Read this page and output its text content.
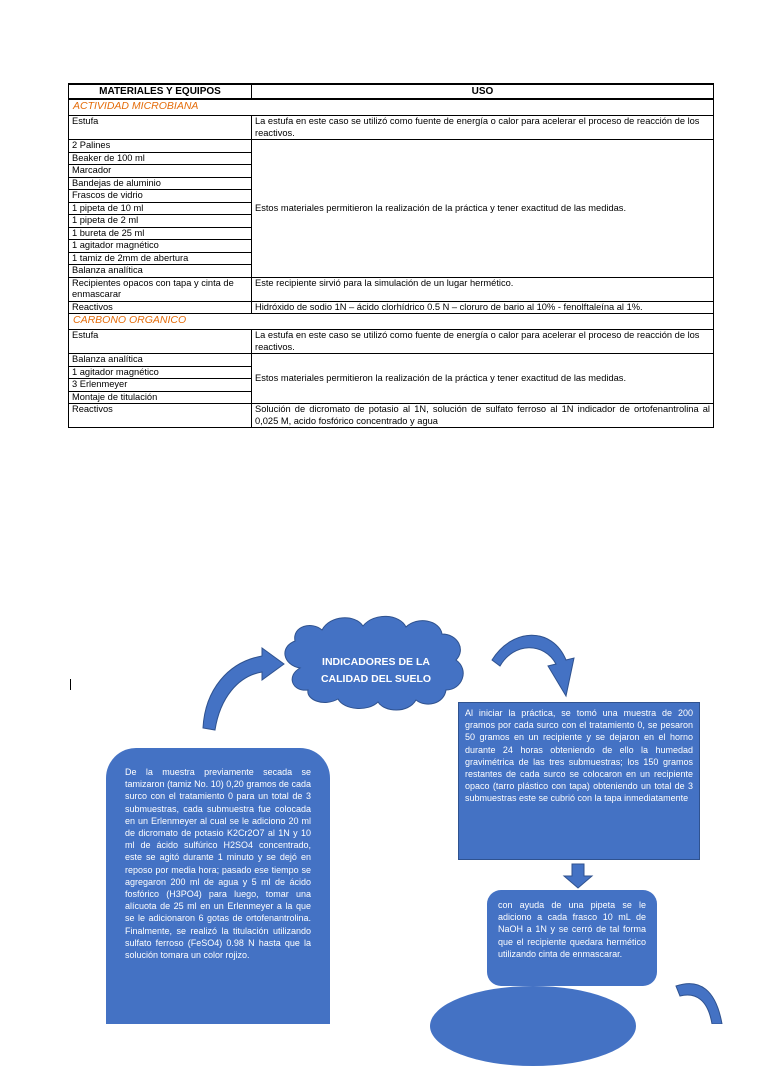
MATERIALES Y EQUIPOS	USO
ACTIVIDAD MICROBIANA	
Estufa	La estufa en este caso se utilizó como fuente de energía o calor para acelerar el proceso de reacción de los reactivos.
2 Palines	Estos materiales permitieron la realización de la práctica y tener exactitud de las medidas.
Beaker de 100 ml	
Marcador	
Bandejas de aluminio	
Frascos de vidrio	
1 pipeta de 10 ml	
1 pipeta de 2 ml	
1 bureta de 25 ml	
1 agitador magnético	
1 tamiz de 2mm de abertura	
Balanza analítica	
Recipientes opacos con tapa y cinta de enmascarar	Este recipiente sirvió para la simulación de un lugar hermético.
Reactivos	Hidróxido de sodio 1N – ácido clorhídrico 0.5 N – cloruro de bario al 10% - fenolftaleína al 1%.
CARBONO ORGANICO	
Estufa	La estufa en este caso se utilizó como fuente de energía o calor para acelerar el proceso de reacción de los reactivos.
Balanza analítica	Estos materiales permitieron la realización de la práctica y tener exactitud de las medidas.
1 agitador magnético	
3 Erlenmeyer	
Montaje de titulación	
Reactivos	Solución de dicromato de potasio al 1N, solución de sulfato ferroso al 1N indicador de ortofenantrolina al 0,025 M, acido fosfórico concentrado y agua
INDICADORES DE LA CALIDAD DEL SUELO
De la muestra previamente secada se tamizaron (tamiz No. 10) 0,20 gramos de cada surco con el tratamiento 0 para un total de 3 submuestras, cada submuestra fue colocada en un Erlenmeyer al cual se le adiciono 20 ml de dicromato de potasio K2Cr2O7 al 1N y 10 ml de ácido sulfúrico H2SO4 concentrado, este se agitó durante 1 minuto y se dejó en reposo por media hora; pasado ese tiempo se agregaron 200 ml de agua y 5 ml de ácido fosfórico (H3PO4) para luego, tomar una alícuota de 25 ml en un Erlenmeyer a la que se le adicionaron 6 gotas de ortofenantrolina. Finalmente, se realizó la titulación utilizando sulfato ferroso (FeSO4) 0.98 N hasta que la solución tomara un color rojizo.
Al iniciar la práctica, se tomó una muestra de 200 gramos por cada surco con el tratamiento 0, se pesaron 50 gramos en un recipiente y se dejaron en el horno durante 24 horas obteniendo de ello la humedad gravimétrica de las tres submuestras; los 150 gramos restantes de cada surco se colocaron en un recipiente opaco (tarro plástico con tapa) obteniendo un total de 3 submuestras este se cubrió con la tapa inmediatamente
con ayuda de una pipeta se le adiciono a cada frasco 10 mL de NaOH a 1N y se cerró de tal forma que el recipiente quedara hermético utilizando cinta de enmascarar.
